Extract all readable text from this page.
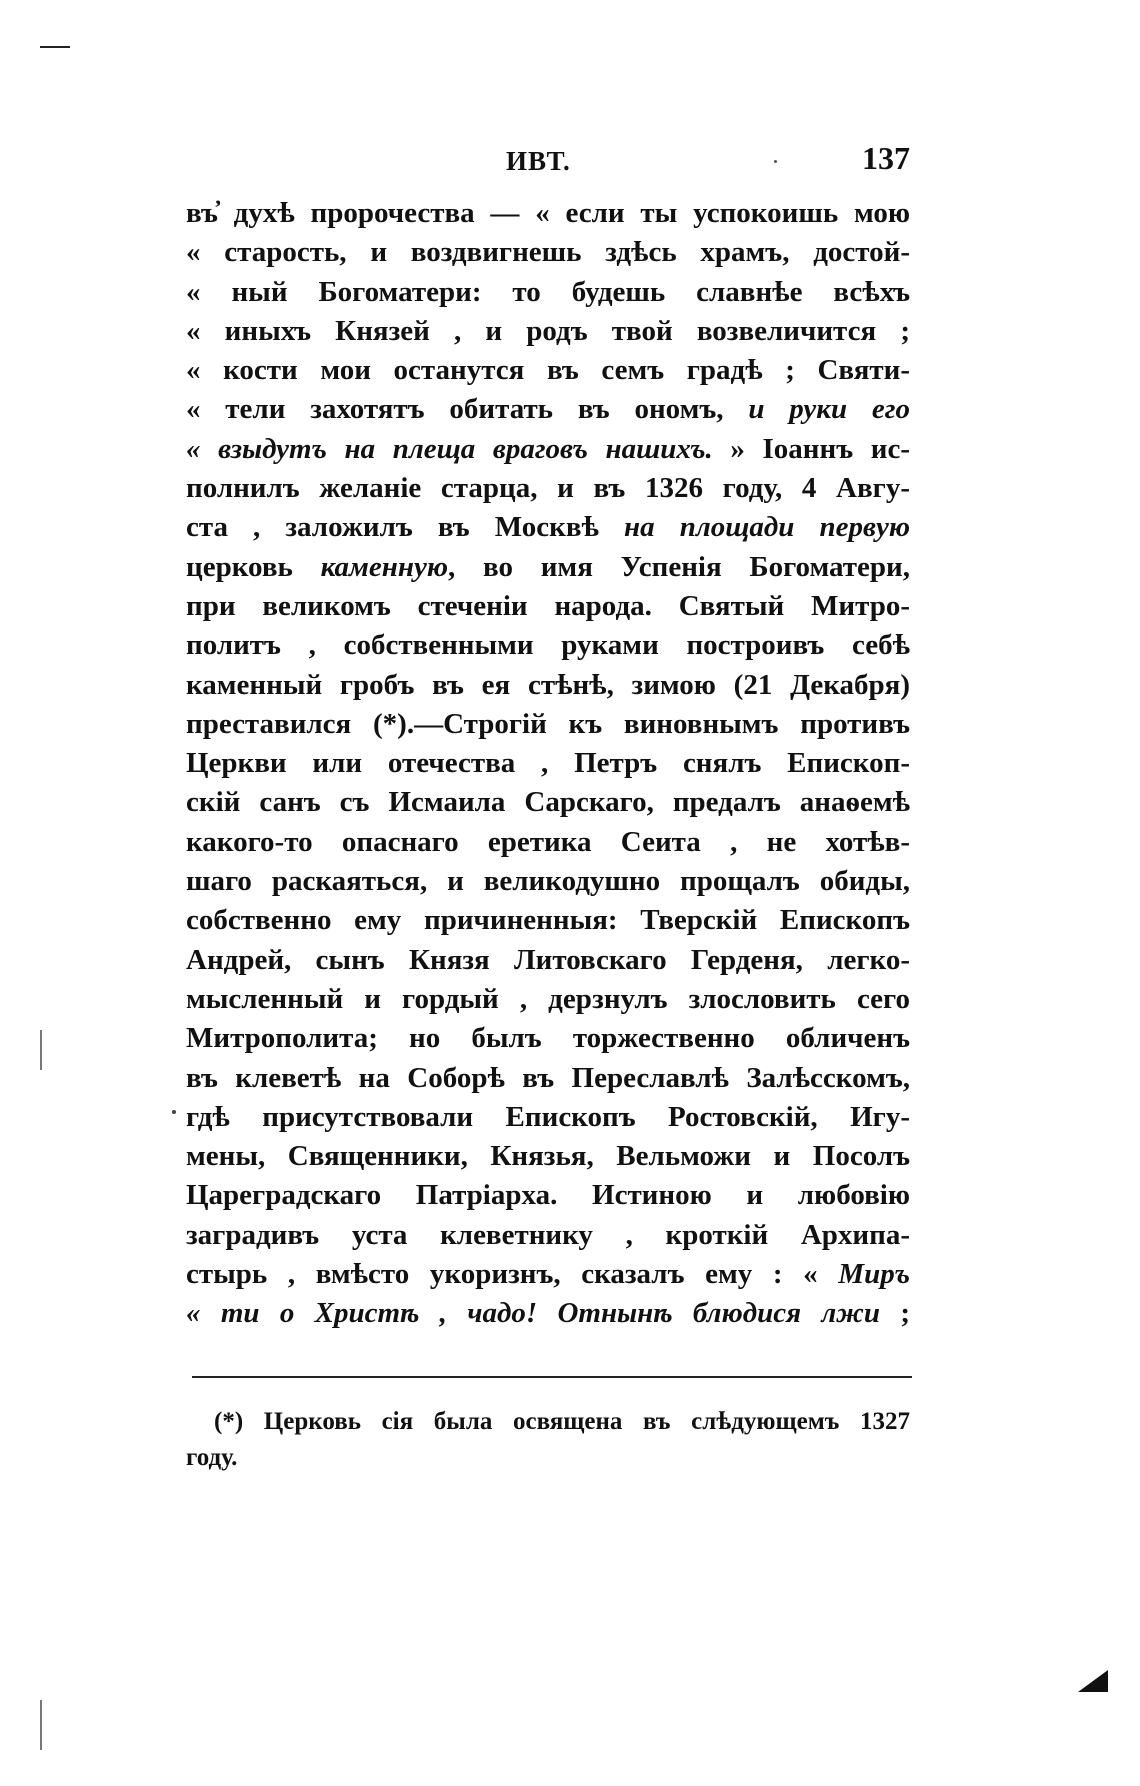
ИВТ.	137
въ̓ духѣ пророчества — « если ты успокоишь мою
« старость, и воздвигнешь здѣсь храмъ, достой-
« ный Богоматери: то будешь славнѣе всѣхъ
« иныхъ Князей , и родъ твой возвеличится ;
« кости мои останутся въ семъ градѣ ; Святи-
« тели захотятъ обитать въ ономъ, и руки его
« взыдутъ на плеща враговъ нашихъ. » Іоаннъ ис-
полнилъ желаніе старца, и въ 1326 году, 4 Авгу-
ста , заложилъ въ Москвѣ на площади первую
церковь каменную, во имя Успенія Богоматери,
при великомъ стеченіи народа. Святый Митро-
политъ , собственными руками построивъ себѣ
каменный гробъ въ ея стѣнѣ, зимою (21 Декабря)
преставился (*).—Строгій къ виновнымъ противъ
Церкви или отечества , Петръ снялъ Епископ-
скій санъ съ Исмаила Сарскаго, предалъ анаѳемѣ
какого-то опаснаго еретика Сеита , не хотѣв-
шаго раскаяться, и великодушно прощалъ обиды,
собственно ему причиненныя: Тверскій Епископъ
Андрей, сынъ Князя Литовскаго Герденя, легко-
мысленный и гордый , дерзнулъ злословить сего
Митрополита; но былъ торжественно обличенъ
въ клеветѣ на Соборѣ въ Переславлѣ Залѣсскомъ,
гдѣ присутствовали Епископъ Ростовскій, Игу-
мены, Священники, Князья, Вельможи и Посолъ
Цареградскаго Патріарха. Истиною и любовію
заградивъ уста клеветнику , кроткій Архипа-
стырь , вмѣсто укоризнъ, сказалъ ему : « Миръ
« ти о Христѣ , чадо! Отнынѣ блюдися лжи ;
(*) Церковь сія была освящена въ слѣдующемъ 1327
году.
